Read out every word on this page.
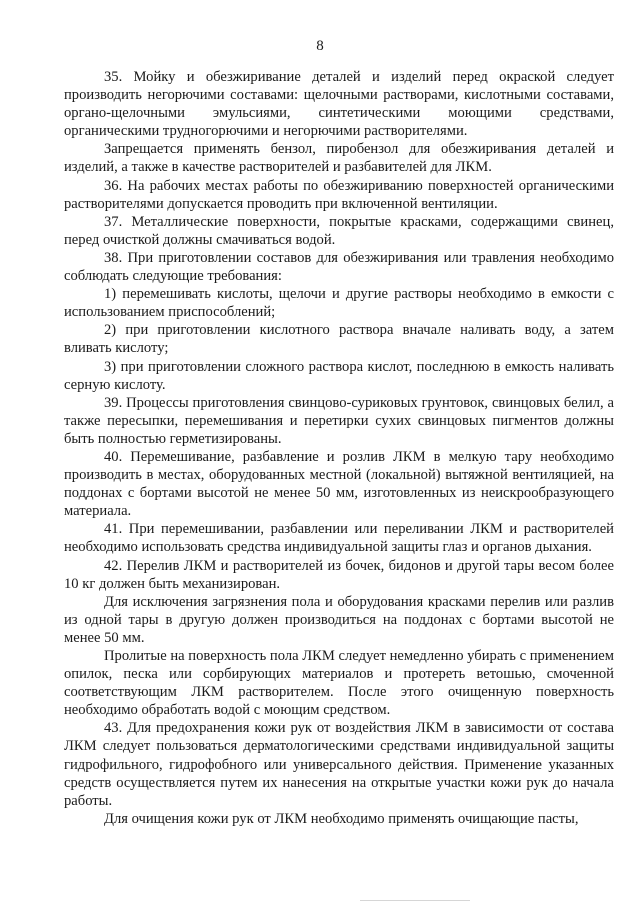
8

35. Мойку и обезжиривание деталей и изделий перед окраской следует производить негорючими составами: щелочными растворами, кислотными составами, органо-щелочными эмульсиями, синтетическими моющими средствами, органическими трудногорючими и негорючими растворителями.

Запрещается применять бензол, пиробензол для обезжиривания деталей и изделий, а также в качестве растворителей и разбавителей для ЛКМ.

36. На рабочих местах работы по обезжириванию поверхностей органическими растворителями допускается проводить при включенной вентиляции.

37. Металлические поверхности, покрытые красками, содержащими свинец, перед очисткой должны смачиваться водой.

38. При приготовлении составов для обезжиривания или травления необходимо соблюдать следующие требования:

1) перемешивать кислоты, щелочи и другие растворы необходимо в емкости с использованием приспособлений;

2) при приготовлении кислотного раствора вначале наливать воду, а затем вливать кислоту;

3) при приготовлении сложного раствора кислот, последнюю в емкость наливать серную кислоту.

39. Процессы приготовления свинцово-суриковых грунтовок, свинцовых белил, а также пересыпки, перемешивания и перетирки сухих свинцовых пигментов должны быть полностью герметизированы.

40. Перемешивание, разбавление и розлив ЛКМ в мелкую тару необходимо производить в местах, оборудованных местной (локальной) вытяжной вентиляцией, на поддонах с бортами высотой не менее 50 мм, изготовленных из неискрообразующего материала.

41. При перемешивании, разбавлении или переливании ЛКМ и растворителей необходимо использовать средства индивидуальной защиты глаз и органов дыхания.

42. Перелив ЛКМ и растворителей из бочек, бидонов и другой тары весом более 10 кг должен быть механизирован.

Для исключения загрязнения пола и оборудования красками перелив или разлив из одной тары в другую должен производиться на поддонах с бортами высотой не менее 50 мм.

Пролитые на поверхность пола ЛКМ следует немедленно убирать с применением опилок, песка или сорбирующих материалов и протереть ветошью, смоченной соответствующим ЛКМ растворителем. После этого очищенную поверхность необходимо обработать водой с моющим средством.

43. Для предохранения кожи рук от воздействия ЛКМ в зависимости от состава ЛКМ следует пользоваться дерматологическими средствами индивидуальной защиты гидрофильного, гидрофобного или универсального действия. Применение указанных средств осуществляется путем их нанесения на открытые участки кожи рук до начала работы.

Для очищения кожи рук от ЛКМ необходимо применять очищающие пасты,
